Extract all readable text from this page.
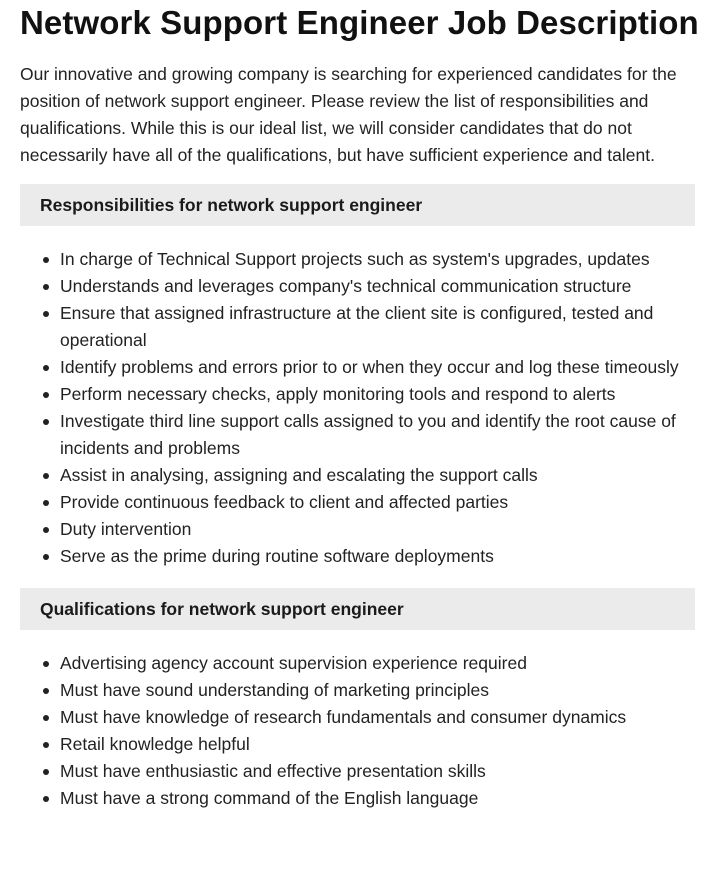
Network Support Engineer Job Description

Our innovative and growing company is searching for experienced candidates for the position of network support engineer. Please review the list of responsibilities and qualifications. While this is our ideal list, we will consider candidates that do not necessarily have all of the qualifications, but have sufficient experience and talent.

Responsibilities for network support engineer
In charge of Technical Support projects such as system's upgrades, updates
Understands and leverages company's technical communication structure
Ensure that assigned infrastructure at the client site is configured, tested and operational
Identify problems and errors prior to or when they occur and log these timeously
Perform necessary checks, apply monitoring tools and respond to alerts
Investigate third line support calls assigned to you and identify the root cause of incidents and problems
Assist in analysing, assigning and escalating the support calls
Provide continuous feedback to client and affected parties
Duty intervention
Serve as the prime during routine software deployments
Qualifications for network support engineer
Advertising agency account supervision experience required
Must have sound understanding of marketing principles
Must have knowledge of research fundamentals and consumer dynamics
Retail knowledge helpful
Must have enthusiastic and effective presentation skills
Must have a strong command of the English language
